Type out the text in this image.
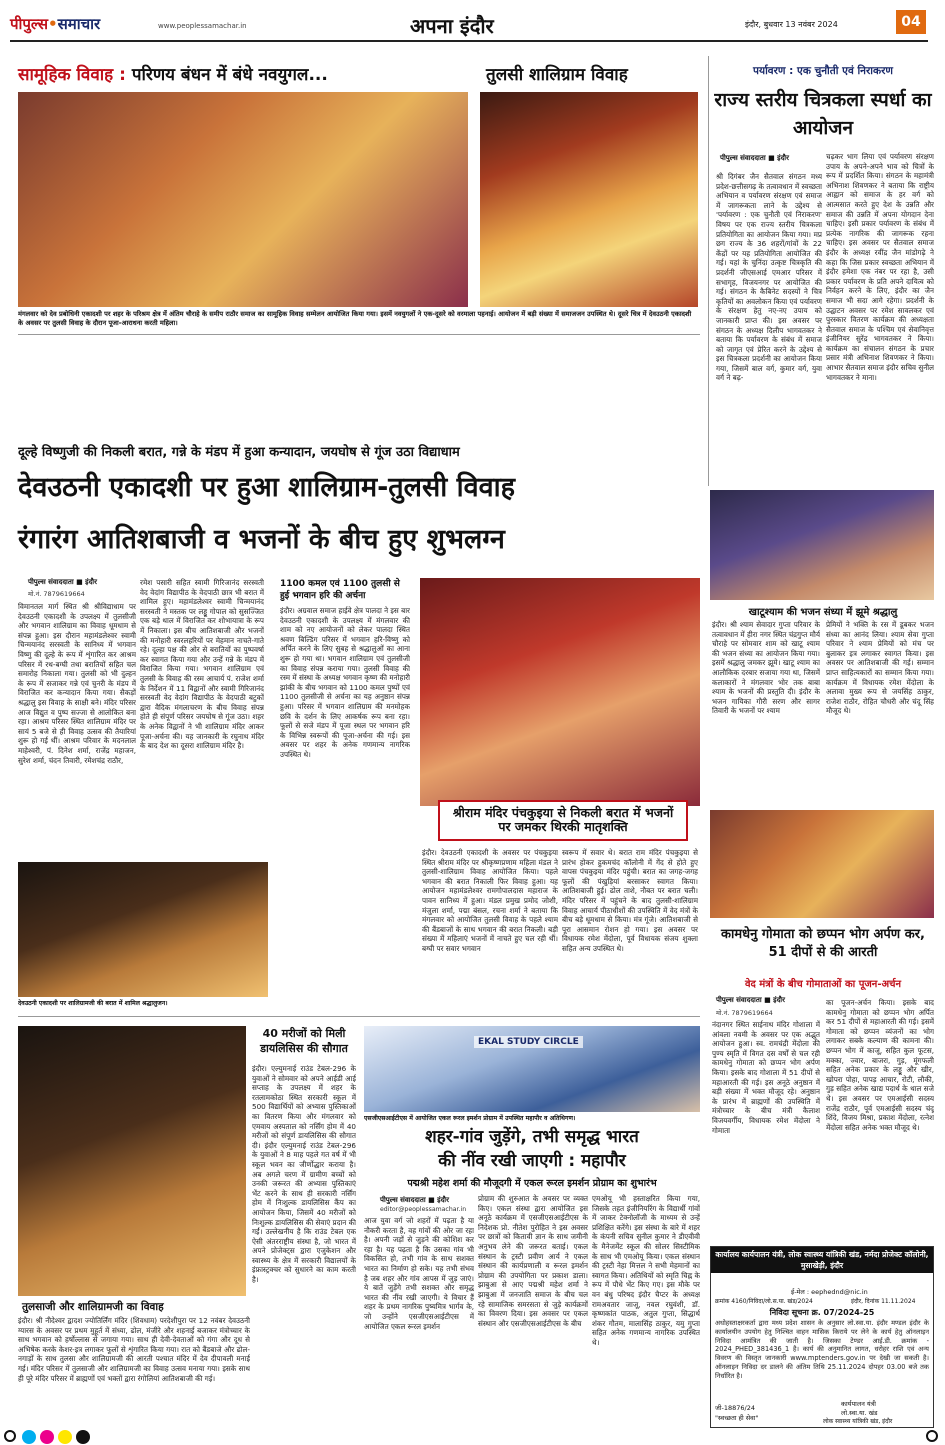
पीपुल्स•समाचार	www.peoplessamachar.in	अपना इंदौर	इंदौर, बुधवार 13 नवंबर 2024	04
सामूहिक विवाह : परिणय बंधन में बंधे नवयुगल...	तुलसी शालिग्राम विवाह
मंगलवार को देव प्रबोधिनी एकादशी पर शहर के परिश्रम क्षेत्र में अंतिम चौराहे के समीप राठौर समाज का सामूहिक विवाह सम्मेलन आयोजित किया गया। इसमें नवयुगलों ने एक-दूसरे को वरमाला पहनाई। आयोजन में बड़ी संख्या में समाजजन उपस्थित थे। दूसरे चित्र में देवउठनी एकादशी के अवसर पर तुलसी विवाह के दौरान पूजा-आराधना करती महिला।
पर्यावरण : एक चुनौती एवं निराकरण
राज्य स्तरीय चित्रकला स्पर्धा का आयोजन
पीपुल्स संवाददाता ■ इंदौर
श्री दिगंबर जैन सैतवाल संगठन मध्य प्रदेश-छत्तीसगढ़ के तत्वावधान में स्वच्छता अभियान व पर्यावरण संरक्षण एवं समाज में जागरूकता लाने के उद्देश्य से 'पर्यावरण : एक चुनौती एवं निराकरण' विषय पर एक राज्य स्तरीय चित्रकला प्रतियोगिता का आयोजन किया गया। मप्र छग राज्य के 36 शहरों/गांवों के 22 केंद्रों पर यह प्रतियोगिता आयोजित की गई। यहां के चुनिंदा उत्कृष्ट चित्रकृति की प्रदर्शनी जीएसआई एमआर परिसर में सभागृह, विजयनगर पर आयोजित की गई। संगठन के कैबिनेट सदस्यों ने चित्र कृतियों का अवलोकन किया एवं पर्यावरण के संरक्षण हेतु नए-नए उपाय को जानकारी प्राप्त की। इस अवसर पर संगठन के अध्यक्ष दिलीप भागवतकर ने बताया कि पर्यावरण के संबंध में समाज को जागृत एवं प्रेरित करने के उद्देश्य से इस चित्रकला प्रदर्शनी का आयोजन किया गया, जिसमें बाल वर्ग, कुमार वर्ग, युवा वर्ग ने बढ़-
चढ़कर भाग लिया एवं पर्यावरण संरक्षण उपाय के अपने-अपने भाव को चित्रों के रूप में प्रदर्शित किया। संगठन के महामंत्री अभिनाश शिवणकर ने बताया कि राष्ट्रीय आह्वान को समाज के हर वर्ग को आत्मसात करते हुए देश के उन्नति और समाज की उन्नति में अपना योगदान देना चाहिए। इसी प्रकार पर्यावरण के संबंध में प्रत्येक नागरिक की जागरूक रहना चाहिए। इस अवसर पर सैतवाल समाज इंदौर के अध्यक्ष रवींद्र जैन मांडोगढ़े ने कहा कि जिस प्रकार स्वच्छता अभियान में इंदौर हमेशा एक नंबर पर रहा है, उसी प्रकार पर्यावरण के प्रति अपने दायित्व को निर्वहन करने के लिए, इंदौर का जैन समाज भी सदा आगे रहेगा। प्रदर्शनी के उद्घाटन अवसर पर रमेश सावलकर एवं पुरस्कार वितरण कार्यक्रम की अध्यक्षता सैतवाल समाज के पश्चिम एवं सेवानिवृत्त इंजीनियर सुरेंद्र भागवतकर ने किया। कार्यक्रम का संचालन संगठन के प्रचार प्रसार मंत्री अभिनाश शिवणकर ने किया। आभार सैतवाल समाज इंदौर सचिव सुनील भागवतकर ने माना।
दूल्हे विष्णुजी की निकली बरात, गन्ने के मंडप में हुआ कन्यादान, जयघोष से गूंज उठा विद्याधाम
देवउठनी एकादशी पर हुआ शालिग्राम-तुलसी विवाह
रंगारंग आतिशबाजी व भजनों के बीच हुए शुभलग्न
पीपुल्स संवाददाता ■ इंदौर
मो.नं. 7879619664
विमानतल मार्ग स्थित श्री श्रीविद्याधाम पर देवउठनी एकादशी के उपलक्ष्य में तुलसीजी और भगवान शालिग्राम का विवाह धूमधाम से संपन्न हुआ। इस दौरान महामंडलेश्वर स्वामी चिन्मयानंद सरस्वती के सानिध्य में भगवान विष्णु की दूल्हे के रूप में शृंगारित कर आश्रम परिसर में रथ-बग्घी तथा बरातियों सहित चल समारोह निकाला गया। तुलसी को भी दुल्हन के रूप में सजाकर गन्ने एवं चुनरी के मंडप में विराजित कर कन्यादान किया गया। सैकड़ों श्रद्धालु इस विवाह के साक्षी बने। मंदिर परिसर आज विद्युत व पुष्प सज्जा से आलोकित बना रहा। आश्रम परिसर स्थित शालिग्राम मंदिर पर सायं 5 बजे से ही विवाह उत्सव की तैयारियां शुरू हो गई थीं। आश्रम परिवार के मदनलाल माहेश्वरी, पं. दिनेश शर्मा, राजेंद्र महाजन, सुरेश शर्मा, चंदन तिवारी, रमेशचंद्र राठौर,
रमेश पसारी सहित स्वामी गिरिजानंद सरस्वती वेद वेदांग विद्यापीठ के वेदपाठी छात्र भी बरात में शामिल हुए। महामंडलेश्वर स्वामी चिन्मयानंद सरस्वती ने मस्तक पर लड्डू गोपाल को सुसज्जित एक बड़े थाल में विराजित कर शोभायात्रा के रूप में निकाला। इस बीच आतिशबाजी और भजनों की मनोहारी स्वरलहरियों पर मेहमान नाचते-गाते रहे। दूल्हा पक्ष की ओर से बरातियों का पुष्पवर्षा कर स्वागत किया गया और उन्हें गन्ने के मंडप में विराजित किया गया। भगवान शालिग्राम एवं तुलसी के विवाह की रस्म आचार्य पं. राजेश शर्मा के निर्देशन में 11 विद्वानों और स्वामी गिरिजानंद सरस्वती वेद वेदांग विद्यापीठ के वेदपाठी बटुकों द्वारा वैदिक मंगलाचरण के बीच विवाह संपन्न होते ही संपूर्ण परिसर जयघोष से गूंज उठा। शहर के अनेक विद्वानों ने भी शालिग्राम मंदिर आकर पूजा-अर्चना की। यह जानकारी के रघुनाथ मंदिर के बाद देश का दूसरा शालिग्राम मंदिर है।
देवउठनी एकादशी पर शालिग्रामजी की बरात में शामिल श्रद्धालुजन।
1100 कमल एवं 1100 तुलसी से हुई भगवान हरि की अर्चना
इंदौर। अग्रवाल समाज हाईवे क्षेत्र पालदा ने इस बार देवउठनी एकादशी के उपलक्ष्य में मंगलवार की शाम को नए आयोजनों को लेकर पालदा स्थित श्रवण बिल्डिंग परिसर में भगवान हरि-विष्णु को अर्पित करने के लिए सुबह से श्रद्धालुओं का आना शुरू हो गया था। भगवान शालिग्राम एवं तुलसीजी का विवाह संपन्न कराया गया। तुलसी विवाह की रस्म में संस्था के अध्यक्ष भगवान कृष्ण की मनोहारी झांकी के बीच भगवान को 1100 कमल पुष्पों एवं 1100 तुलसीजी से अर्चना का यह अनुष्ठान संपन्न हुआ। परिसर में भगवान शालिग्राम की मनमोहक छवि के दर्शन के लिए आकर्षक रूप बना रहा। फूलों से सजे मंडप में पूजा स्थल पर भगवान हरि के विभिन्न स्वरूपों की पूजा-अर्चना की गई। इस अवसर पर शहर के अनेक गणमान्य नागरिक उपस्थित थे।
श्रीराम मंदिर पंचकुइया से निकली बरात में भजनों पर जमकर थिरकी मातृशक्ति
इंदौर। देवउठनी एकादशी के अवसर पर पंचकुइया स्थित श्रीराम मंदिर पर श्रीकृष्णप्रणाम महिला मंडल ने तुलसी-शालिग्राम विवाह आयोजित किया। पहले भगवान की बरात निकाली फिर विवाह हुआ। यह आयोजन महामंडलेश्वर रामगोपालदास महाराज के पावन सानिध्य में हुआ। मंडल प्रमुख प्रमोद जोशी, मंजुला शर्मा, पद्मा बंसल, रचना शर्मा ने बताया कि मंगलवार को आयोजित तुलसी विवाह के पहले श्याम की बैंडबाजों के साथ भगवान की बरात निकली। बड़ी संख्या में महिलाएं भजनों में नाचते हुए चल रही थीं। बग्घी पर सवार भगवान
स्वरूप में सवार थे। बरात राम मंदिर पंचकुइया से प्रारंभ होकर हुकमचंद कॉलोनी में गेंद से होते हुए वापस पंचकुइया मंदिर पहुंची। बरात का जगह-जगह फूलों की पंखुड़ियां बरसाकर स्वागत किया। आतिशबाजी हुई। ढोल ताशे, नौबत पर बरात चली। मंदिर परिसर में पहुंचने के बाद तुलसी-शालिग्राम विवाह आचार्य पीठाधीशों की उपस्थिति में वेद मंत्रों के बीच बड़े धूमधाम से किया। मंत्र गूंजे। आतिशबाजी से पूरा आसमान रोशन हो गया। इस अवसर पर विधायक रमेश मेंदोला, पूर्व विधायक संजय शुक्ला सहित अन्य उपस्थित थे।
खाटूश्याम की भजन संध्या में झूमे श्रद्धालु
इंदौर। श्री श्याम सेवादार गुप्ता परिवार के तत्वावधान में हीरा नगर स्थित चंद्रगुप्त मौर्य चौराहे पर सोमवार शाम को खाटू श्याम की भजन संध्या का आयोजन किया गया। इसमें श्रद्धालु जमकर झूमे। खाटू श्याम का आलौकिक दरबार सजाया गया था, जिसमें कलाकारों ने मंगलवार भोर तक बाबा श्याम के भजनों की प्रस्तुति दी। इंदौर के भजन गायिका गौरी सरण और सागर तिवारी के भजनों पर श्याम
प्रेमियों ने भक्ति के रस में डूबकर भजन संध्या का आनंद लिया। श्याम सेवा गुप्ता परिवार ने श्याम प्रेमियों को मंच पर बुलाकर इत्र लगाकर स्वागत किया। इस अवसर पर आतिशबाजी की गई। सम्मान प्राप्त साहित्यकारों का सम्मान किया गया। कार्यक्रम में विधायक रमेश मेंदोला के अलावा मुख्य रूप से जयसिंह ठाकुर, राजेश राठौर, रोहित चौधरी और चंदू सिंह मौजूद थे।
कामधेनु गोमाता को छप्पन भोग अर्पण कर, 51 दीपों से की आरती
वेद मंत्रों के बीच गोमाताओं का पूजन-अर्चन
पीपुल्स संवाददाता ■ इंदौर
मो.नं. 7879619664
नंदानगर स्थित साईनाथ मंदिर गोशाला में आंवला नवमी के अवसर पर एक अद्भुत आयोजन हुआ। स्व. रामचंद्री मेंदोला की पुण्य स्मृति में विगत दस वर्षों से चल रही कामधेनु गोमाता को छप्पन भोग अर्पण किया। इसके बाद गोशाला में 51 दीपों से महाआरती की गई। इस अनूठे अनुष्ठान में बड़ी संख्या में भक्त मौजूद रहे। अनुष्ठान के प्रारंभ में ब्राह्मणों की उपस्थिति में मंत्रोच्चार के बीच मंत्री कैलाश विजयवर्गीय, विधायक रमेश मेंदोला ने गोमाता
का पूजन-अर्चन किया। इसके बाद कामधेनु गोमाता को छप्पन भोग अर्पित कर 51 दीपों से महाआरती की गई। इसमें गोमाता को छप्पन व्यंजनों का भोग लगाकर सबके कल्याण की कामना की। छप्पन भोग में काजू, सहित कुल फूटस, मक्का, ज्वार, बाजरा, गुड़, मूंगफली सहित अनेक प्रकार के लड्डू और खीर, खोपरा पोहा, पापड़ आचार, रोटी, लौकी, गुड़ सहित अनेक खाद्य पदार्थ के थाल सजे थे। इस अवसर पर एमआईसी सदस्य राजेंद्र राठौर, पूर्व एमआईसी सदस्य चंदू शिंदे, विजय मिश्रा, प्रकाश मेंदोला, रत्नेश मेंदोला सहित अनेक भक्त मौजूद थे।
40 मरीजों को मिली डायलिसिस की सौगात
इंदौर। एल्युमनाई राउंड टेबल-296 के युवाओं ने सोमवार को अपने आईडी आई सप्ताह के उपलक्ष्य में शहर के रतलामकोठा स्थित सरकारी स्कूल में 500 विद्यार्थियों को अभ्यास पुस्तिकाओं का वितरण किया और मंगलवार को एमवाय अस्पताल को नर्सिंग होम में 40 मरीजों को संपूर्ण डायलिसिस की सौगात दी। इंदौर एल्युमनाई राउंड टेबल-296 के युवाओं ने 8 माह पहले गत वर्ष में भी स्कूल भवन का जीर्णोद्धार कराया है। अब अगले चरण में ग्रामीण बच्चों को उनकी जरूरत की अभ्यास पुस्तिकाएं भेंट करने के साथ ही सरकारी नर्सिंग होम में निःशुल्क डायलिसिस कैंप का आयोजन किया, जिसमें 40 मरीजों को निःशुल्क डायलिसिस की सेवाएं प्रदान की गईं। उल्लेखनीय है कि राउंड टेबल एक ऐसी अंतरराष्ट्रीय संस्था है, जो भारत में अपने प्रोजेक्ट्स द्वारा एजुकेशन और स्वास्थ्य के क्षेत्र में सरकारी विद्यालयों के इंफ्रास्ट्रक्चर को सुधारने का काम करती है।
तुलसाजी और शालिग्रामजी का विवाह
इंदौर। श्री नीदेश्वर द्वादश ज्योतिर्लिंग मंदिर (शिवधाम) परदेशीपुरा पर 12 नवंबर देवउठनी ग्यारस के अवसर पर प्रथम मुहूर्त में संध्या, ढोल, मंजीरे और शहनाई बजाकर मंत्रोच्चार के साथ भगवान को हर्षोल्लास से जगाया गया। साथ ही देवी-देवताओं को गंगा और दूध से अभिषेक करके केशर-इत्र लगाकर फूलों से शृंगारित किया गया। रात को बैंडबाजे और ढोल-नगाड़ों के साथ तुलसा और शालिग्रामजी की आरती पश्चात मंदिर में देव दीपावली मनाई गई। मंदिर परिसर में तुलसाजी और शालिग्रामजी का विवाह उत्सव मनाया गया। इसके साथ ही पूरे मंदिर परिसर में ब्राह्मणों एवं भक्तों द्वारा रंगोलियां आतिशबाजी की गई।
EKAL STUDY CIRCLE
एसजीएसआईटीएस में आयोजित एकल रूरल इमर्शन प्रोग्राम में उपस्थित महापौर व अतिथिगण।
शहर-गांव जुड़ेंगे, तभी समृद्ध भारत
की नींव रखी जाएगी : महापौर
पद्मश्री महेश शर्मा की मौजूदगी में एकल रूरल इमर्शन प्रोग्राम का शुभारंभ
पीपुल्स संवाददाता ■ इंदौर
editor@peoplessamachar.in
आज युवा वर्ग जो शहरों में पढ़ता है या नौकरी करता है, वह गांवों की ओर जा रहा है। अपनी जड़ों से जुड़ने की कोशिश कर रहा है। यह पढ़ता है कि उसका गांव भी विकसित हो, तभी गांव के साथ सशक्त भारत का निर्माण हो सके। यह तभी संभव है जब शहर और गांव आपस में जुड़ जाएं। ये बातें जुड़ेंगे तभी सशक्त और समृद्ध भारत की नींव रखी जाएगी। ये विचार हैं शहर के प्रथम नागरिक पुष्यमित्र भार्गव के, जो उन्होंने एसजीएसआईटीएस में आयोजित एकल रूरल इमर्शन
प्रोग्राम की शुरुआत के अवसर पर व्यक्त किए। एकल संस्था द्वारा आयोजित इस अनूठे कार्यक्रम में एसजीएसआईटीएस के निदेशक प्रो. नीतेश पुरोहित ने इस अवसर पर छात्रों को कितावी ज्ञान के साथ जमीनी अनुभव लेने की जरूरत बताई। एकल संस्थान के ट्रस्टी प्रवीण आर्य ने एकल संस्थान की कार्यप्रणाली व रूरल इमर्शन प्रोग्राम की उपयोगिता पर प्रकाश डाला। झाबुआ से आए पद्मश्री महेश शर्मा ने झाबुआ में जनजाति समाज के बीच चल रहे सामाजिक समरसता से जुड़े कार्यक्रमों का विवरण दिया। इस अवसर पर एकल संस्थान और एसजीएसआईटीएस के बीच
एमओयू भी हस्ताक्षरित किया गया, जिसके तहत इंजीनियरिंग के विद्यार्थी गांवों में जाकर टेक्नोलॉजी के माध्यम से उन्हें प्रशिक्षित करेंगे। इस संस्था के बारे में शहर के कंपनी सचिव सुनील कुमार ने डीएवीवी के मैनेजमेंट स्कूल की सोलर सिस्टीमिक के साथ भी एमओयू किया। एकल संस्थान की ट्रस्टी नेहा मित्तल ने सभी मेहमानों का स्वागत किया। अतिथियों को स्मृति चिह्न के रूप में पौधे भेंट किए गए। इस मौके पर वन बंधु परिषद इंदौर चैप्टर के अध्यक्ष रामअवतार जाजू, नवल रघुवंशी, डॉ. कृष्णकांत पाठक, अतुल गुप्ता, सिद्धार्थ शंकर गौतम, मालासिंह ठाकुर, यमु गुप्ता सहित अनेक गणमान्य नागरिक उपस्थित थे।
कार्यालय कार्यपालन यंत्री, लोक स्वास्थ्य यांत्रिकी खंड, नर्मदा प्रोजेक्ट कॉलोनी, मुसाखेड़ी, इंदौर
ई-मेल : eephednd@nic.in
क्रमांक 4160/निविदा/लो.स.या. खंड/2024	इंदौर, दिनांक 11.11.2024
निविदा सूचना क्र. 07/2024-25
अधोहस्ताक्षरकर्ता द्वारा मध्य प्रदेश शासन के अनुसार लो.स्वा.या. इंदौर मण्डल इंदौर के कार्यालयीन उपयोग हेतु निश्चित वाहन मासिक किराये पर लेने के कार्य हेतु ऑनलाइन निविदा आमंत्रित की जाती है। जिसका टेण्डर आई.डी. क्रमांक - 2024_PHED_381436_1 है। कार्य की अनुमानित लागत, धरोहर राशि एवं अन्य विवरण की विस्तृत जानकारी www.mptenders.gov.in पर देखी जा सकती है। ऑनलाइन निविदा दर डालने की अंतिम तिथि 25.11.2024 दोपहर 03.00 बजे तक निर्धारित है।
जी-18876/24
"स्वच्छता ही सेवा"
कार्यपालन यंत्री
लो.स्वा.या. खंड
लोक स्वास्थ्य यांत्रिकी खंड, इंदौर
